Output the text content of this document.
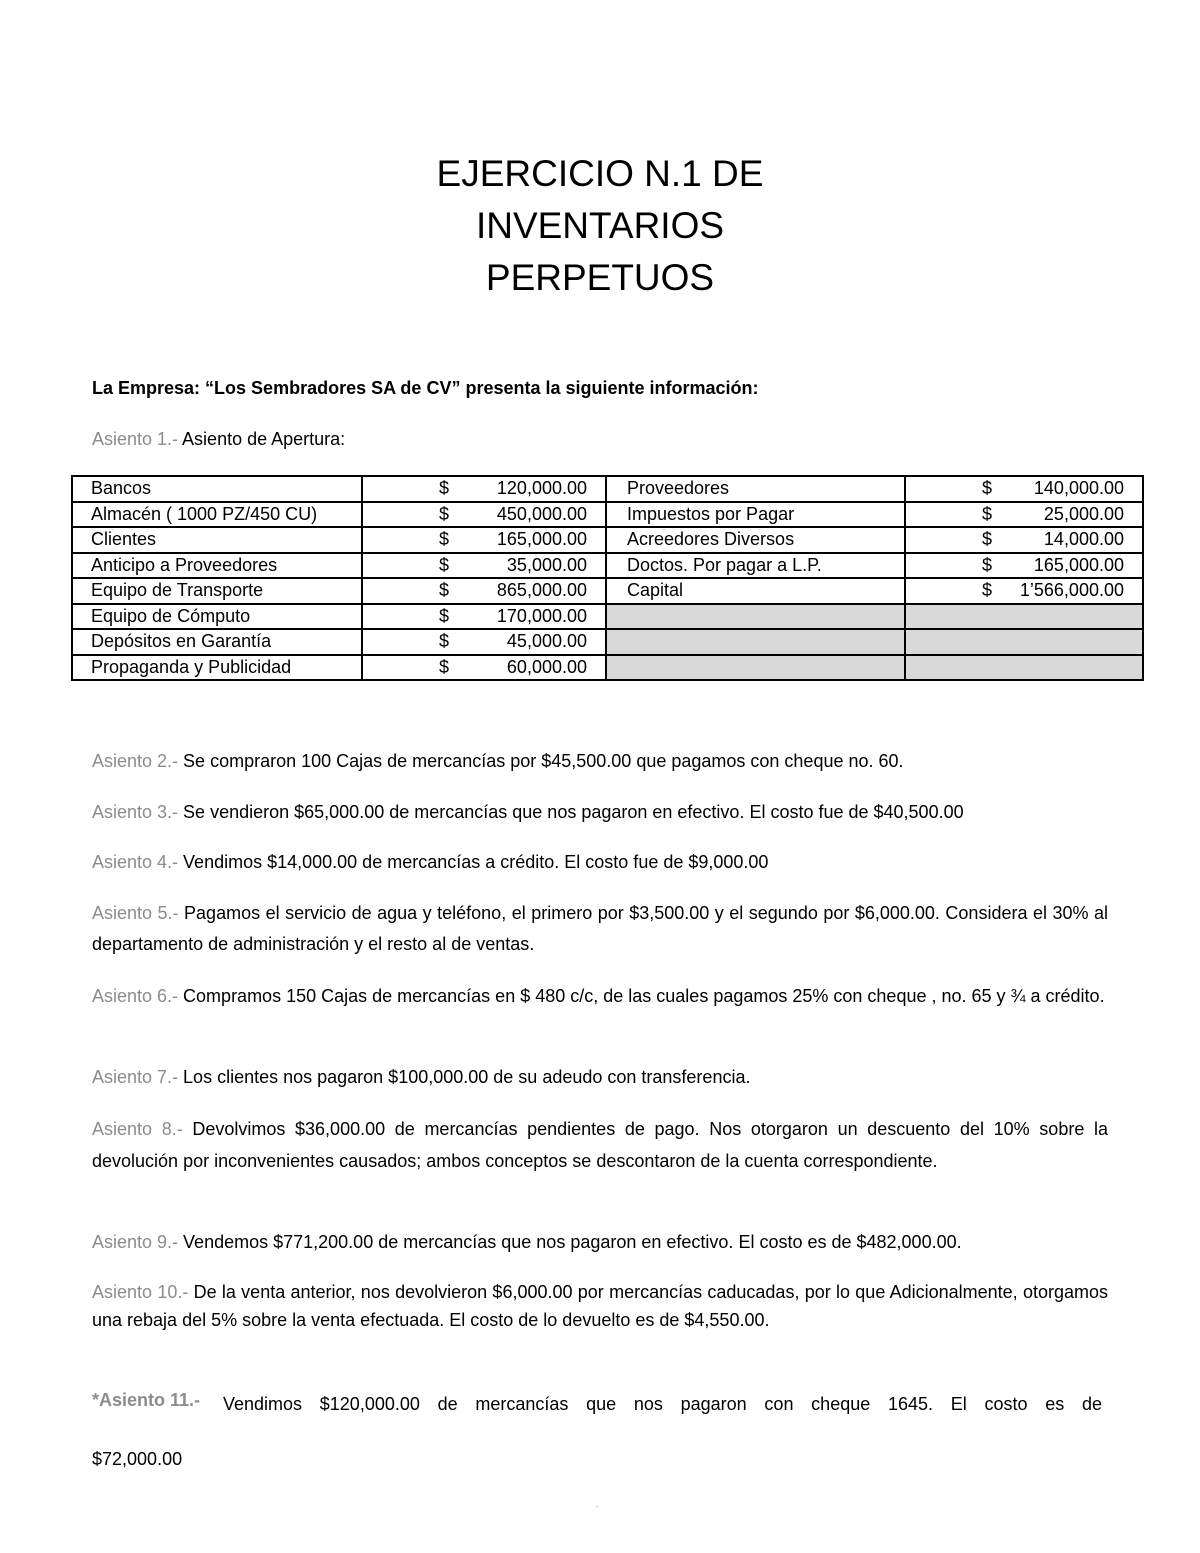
EJERCICIO N.1 DE
INVENTARIOS
PERPETUOS
La Empresa: “Los Sembradores SA de CV” presenta la siguiente información:
Asiento 1.- Asiento de Apertura:
Bancos	$ 120,000.00	Proveedores	$ 140,000.00

Almacén ( 1000 PZ/450 CU)	$ 450,000.00	Impuestos por Pagar	$ 25,000.00

Clientes	$ 165,000.00	Acreedores Diversos	$ 14,000.00

Anticipo a Proveedores	$ 35,000.00	Doctos. Por pagar a L.P.	$ 165,000.00

Equipo de Transporte	$ 865,000.00	Capital	$ 1’566,000.00

Equipo de Cómputo	$ 170,000.00		

Depósitos en Garantía	$ 45,000.00		

Propaganda y Publicidad	$ 60,000.00		

Asiento 2.- Se compraron 100 Cajas de mercancías por $45,500.00 que pagamos con cheque no. 60.
Asiento 3.- Se vendieron $65,000.00 de mercancías que nos pagaron en efectivo. El costo fue de $40,500.00
Asiento 4.- Vendimos $14,000.00 de mercancías a crédito. El costo fue de $9,000.00
Asiento 5.- Pagamos el servicio de agua y teléfono, el primero por $3,500.00 y el segundo por $6,000.00. Considera el 30% al departamento de administración y el resto al de ventas.
Asiento 6.- Compramos 150 Cajas de mercancías en $ 480 c/c, de las cuales pagamos 25% con cheque , no. 65 y ¾ a crédito.
Asiento 7.- Los clientes nos pagaron $100,000.00 de su adeudo con transferencia.
Asiento 8.- Devolvimos $36,000.00 de mercancías pendientes de pago. Nos otorgaron un descuento del 10% sobre la devolución por inconvenientes causados; ambos conceptos se descontaron de la cuenta correspondiente.
Asiento 9.- Vendemos $771,200.00 de mercancías que nos pagaron en efectivo. El costo es de $482,000.00.
Asiento 10.- De la venta anterior, nos devolvieron $6,000.00 por mercancías caducadas, por lo que Adicionalmente, otorgamos una rebaja del 5% sobre la venta efectuada. El costo de lo devuelto es de $4,550.00.
*Asiento 11.- Vendimos $120,000.00 de mercancías que nos pagaron con cheque 1645. El costo es de
$72,000.00
.
